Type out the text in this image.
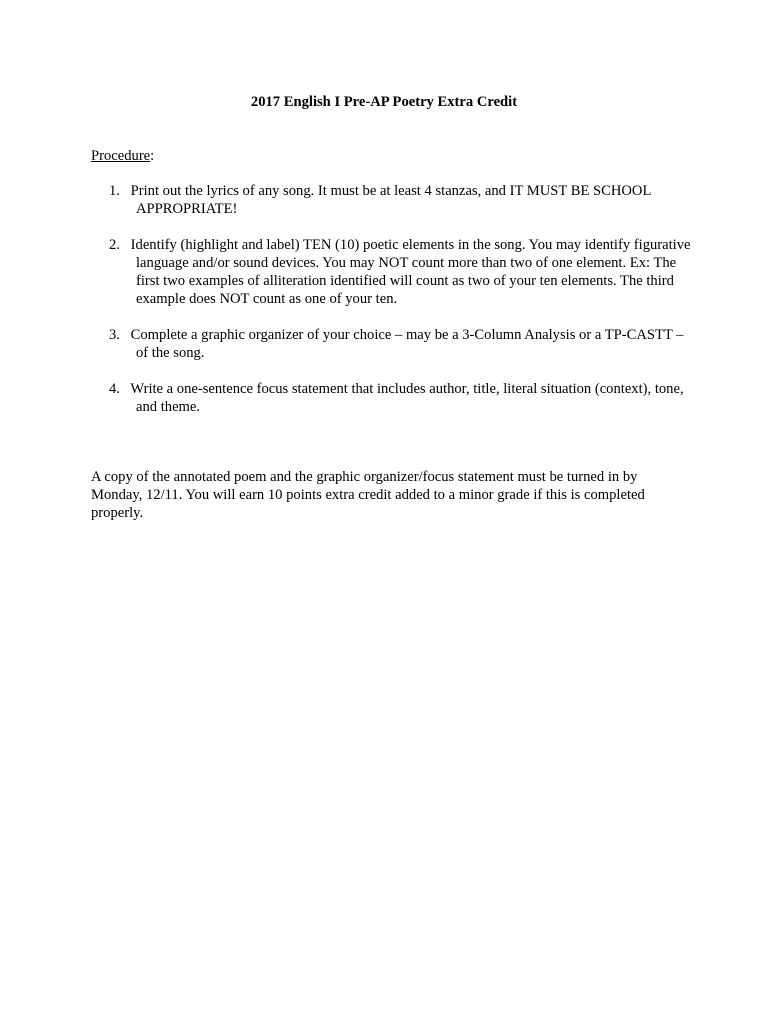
2017 English I Pre-AP Poetry Extra Credit
Procedure:
1. Print out the lyrics of any song. It must be at least 4 stanzas, and IT MUST BE SCHOOL APPROPRIATE!
2. Identify (highlight and label) TEN (10) poetic elements in the song. You may identify figurative language and/or sound devices. You may NOT count more than two of one element. Ex: The first two examples of alliteration identified will count as two of your ten elements. The third example does NOT count as one of your ten.
3. Complete a graphic organizer of your choice – may be a 3-Column Analysis or a TP-CASTT – of the song.
4. Write a one-sentence focus statement that includes author, title, literal situation (context), tone, and theme.

A copy of the annotated poem and the graphic organizer/focus statement must be turned in by Monday, 12/11. You will earn 10 points extra credit added to a minor grade if this is completed properly.
